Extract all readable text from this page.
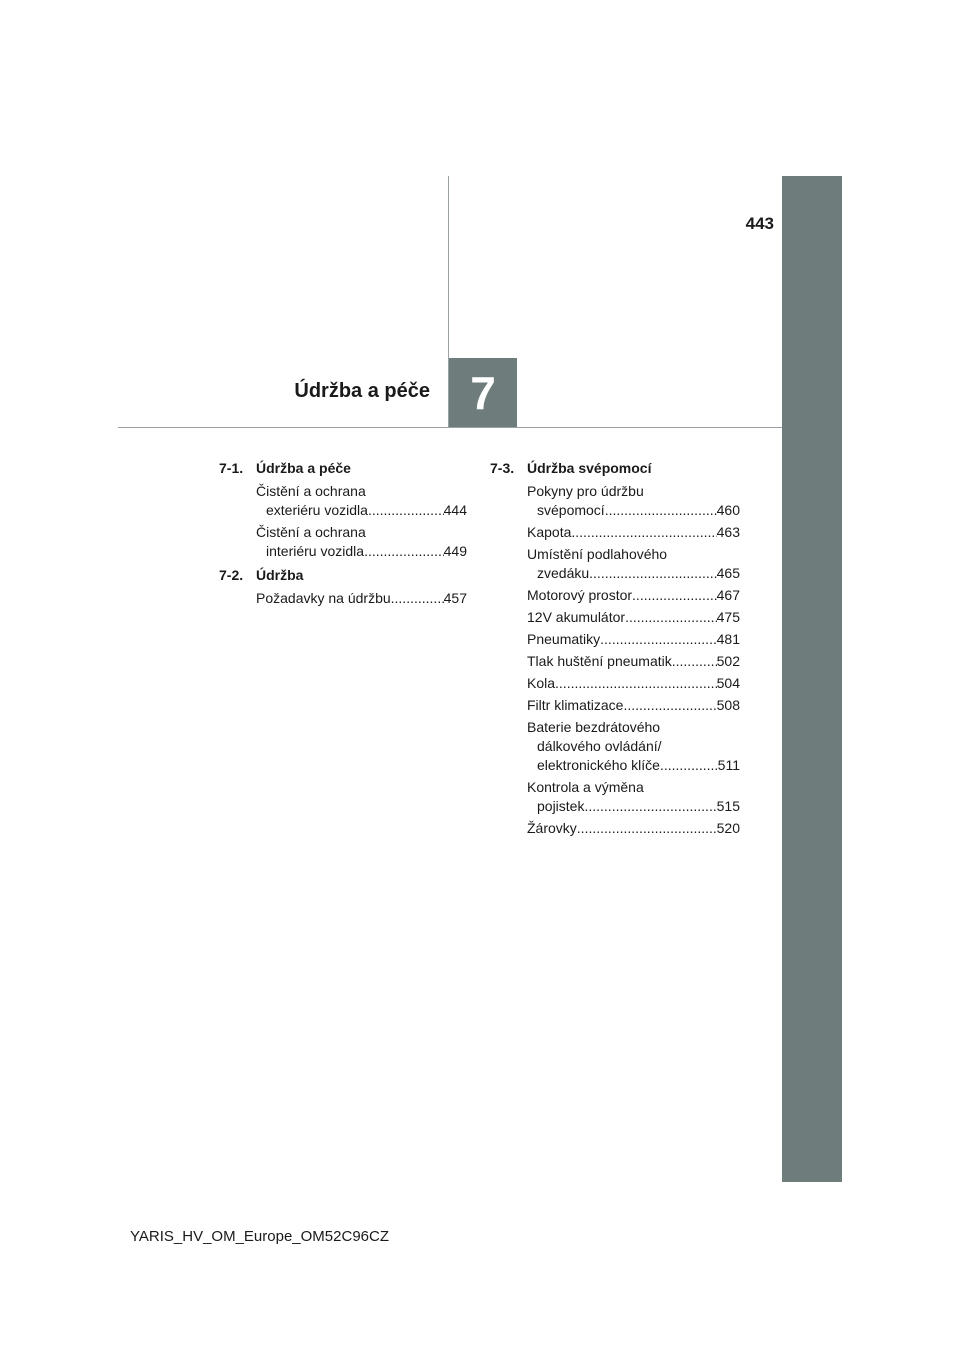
443
Údržba a péče 7
7-1. Údržba a péče
Čistění a ochrana
exteriéru vozidla .....	444
Čistění a ochrana
interiéru vozidla .....	449
7-2. Údržba
Požadavky na údržbu .....	457
7-3. Údržba svépomocí
Pokyny pro údržbu
svépomocí .....	460
Kapota .....	463
Umístění podlahového
zvedáku .....	465
Motorový prostor .....	467
12V akumulátor .....	475
Pneumatiky .....	481
Tlak huštění pneumatik .....	502
Kola .....	504
Filtr klimatizace .....	508
Baterie bezdrátového
dálkového ovládání/
elektronického klíče .....	511
Kontrola a výměna
pojistek .....	515
Žárovky .....	520
YARIS_HV_OM_Europe_OM52C96CZ
